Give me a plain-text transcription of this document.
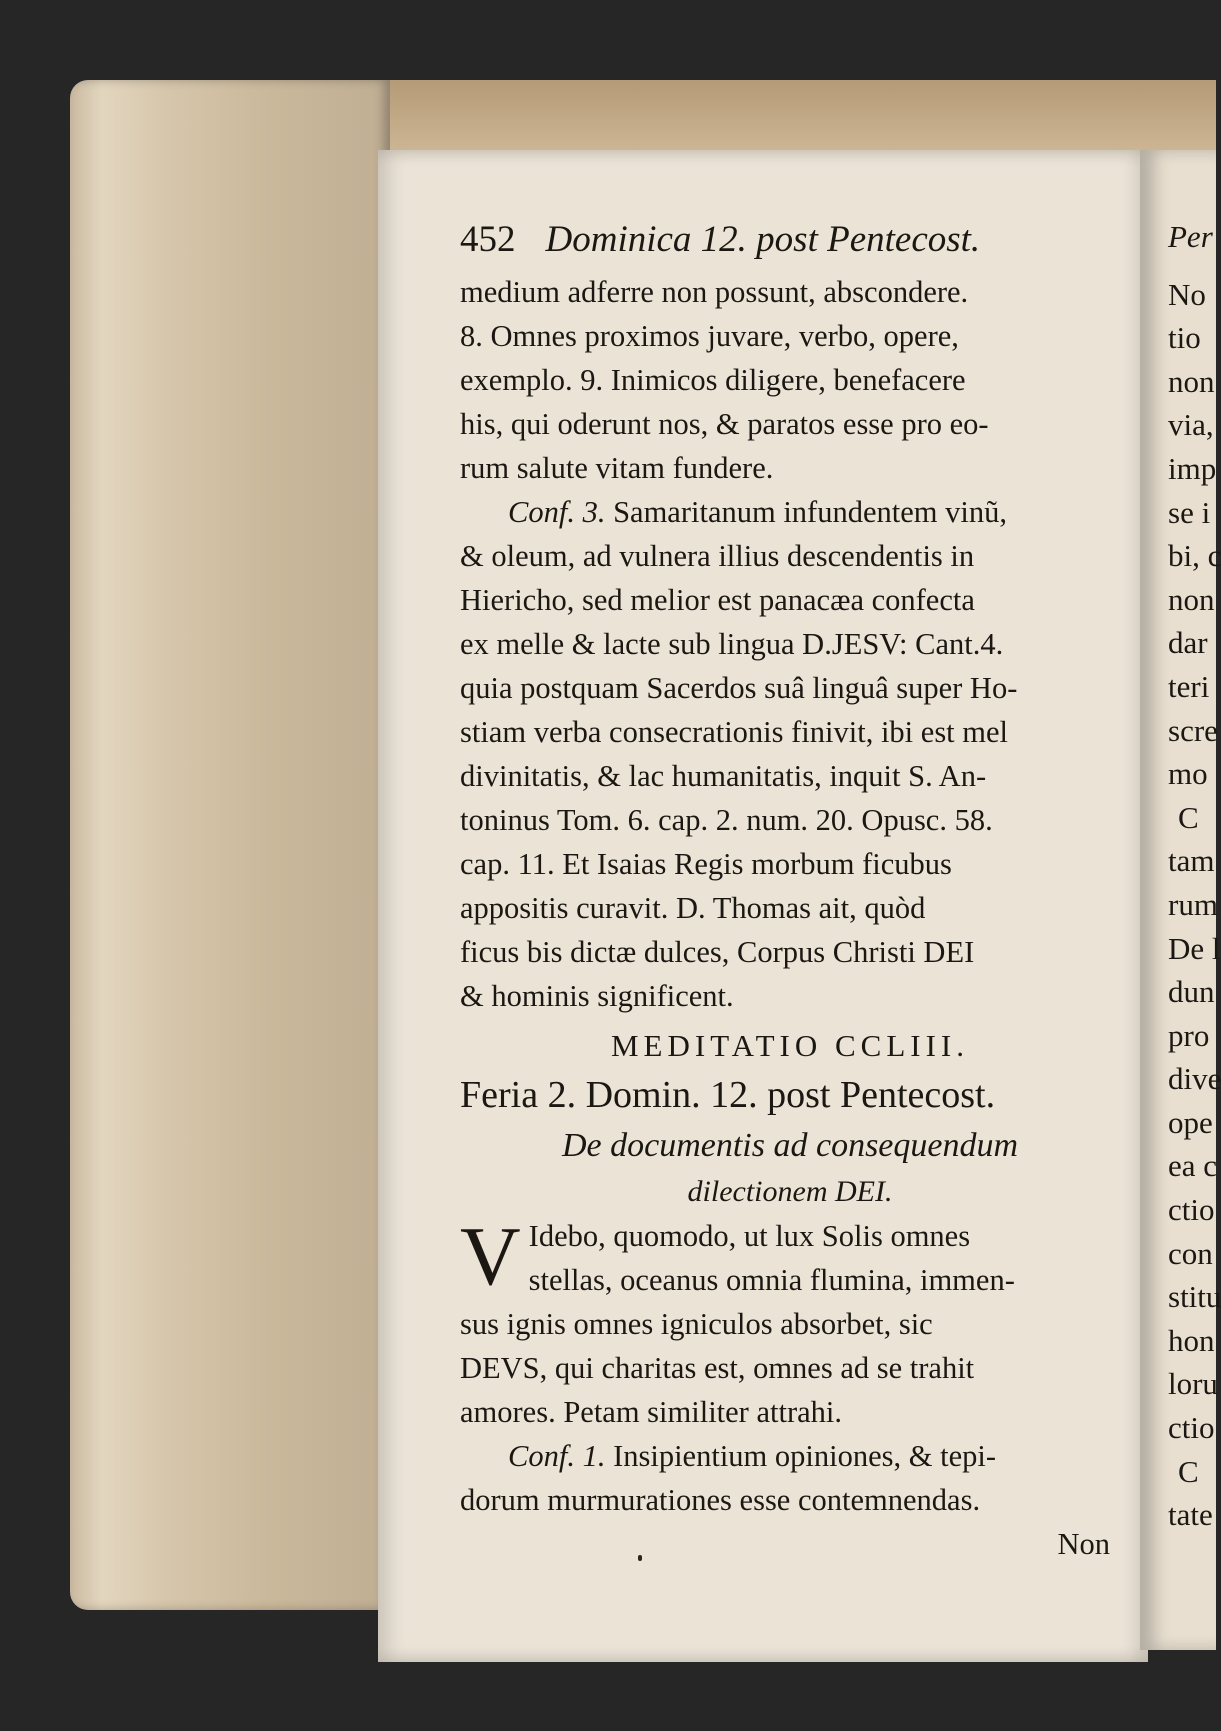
452 Dominica 12. post Pentecost.
medium adferre non possunt, abscondere.
8. Omnes proximos juvare, verbo, opere,
exemplo. 9. Inimicos diligere, benefacere
his, qui oderunt nos, & paratos esse pro eo-
rum salute vitam fundere.
Conf. 3. Samaritanum infundentem vinũ,
& oleum, ad vulnera illius descendentis in
Hiericho, sed melior est panacæa confecta
ex melle & lacte sub lingua D.JESV: Cant.4.
quia postquam Sacerdos suâ linguâ super Ho-
stiam verba consecrationis finivit, ibi est mel
divinitatis, & lac humanitatis, inquit S. An-
toninus Tom. 6. cap. 2. num. 20. Opusc. 58.
cap. 11. Et Isaias Regis morbum ficubus
appositis curavit. D. Thomas ait, quòd
ficus bis dictæ dulces, Corpus Christi DEI
& hominis significent.
MEDITATIO CCLIII.
Feria 2. Domin. 12. post Pentecost.
De documentis ad consequendum
dilectionem DEI.
V Idebo, quomodo, ut lux Solis omnes
stellas, oceanus omnia flumina, immen-
sus ignis omnes igniculos absorbet, sic
DEVS, qui charitas est, omnes ad se trahit
amores. Petam similiter attrahi.
Conf. 1. Insipientium opiniones, & tepi-
dorum murmurationes esse contemnendas.
Non
Per
No
tio
non
via,
imp
se i
bi, c
non
dar
teri
scre
mo
C
tam
rum
De l
dun
pro
dive
ope
ea c
ctio
con
stitu
hon
loru
ctio
C
tate
